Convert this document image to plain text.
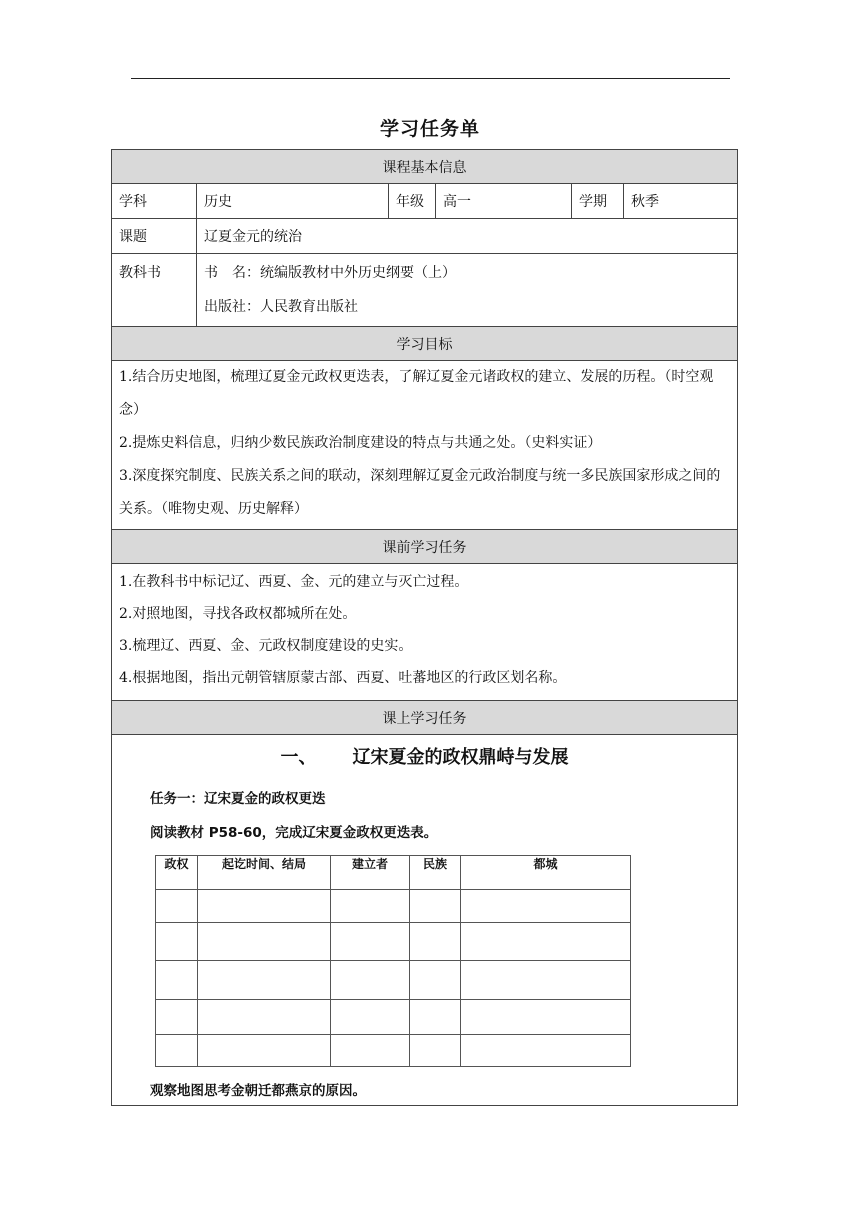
学习任务单
课程基本信息
学科	历史	年级	高一	学期	秋季
课题	辽夏金元的统治
教科书	书　名：统编版教材中外历史纲要（上）
出版社：人民教育出版社

学习目标

1.结合历史地图，梳理辽夏金元政权更迭表，了解辽夏金元诸政权的建立、发展的历程。（时空观念）
2.提炼史料信息，归纳少数民族政治制度建设的特点与共通之处。（史料实证）
3.深度探究制度、民族关系之间的联动，深刻理解辽夏金元政治制度与统一多民族国家形成之间的关系。（唯物史观、历史解释）

课前学习任务

1.在教科书中标记辽、西夏、金、元的建立与灭亡过程。
2.对照地图，寻找各政权都城所在处。
3.梳理辽、西夏、金、元政权制度建设的史实。
4.根据地图，指出元朝管辖原蒙古部、西夏、吐蕃地区的行政区划名称。

课上学习任务

一、 辽宋夏金的政权鼎峙与发展
任务一：辽宋夏金的政权更迭
阅读教材 P58-60，完成辽宋夏金政权更迭表。
政权	起讫时间、结局	建立者	民族	都城

观察地图思考金朝迁都燕京的原因。
